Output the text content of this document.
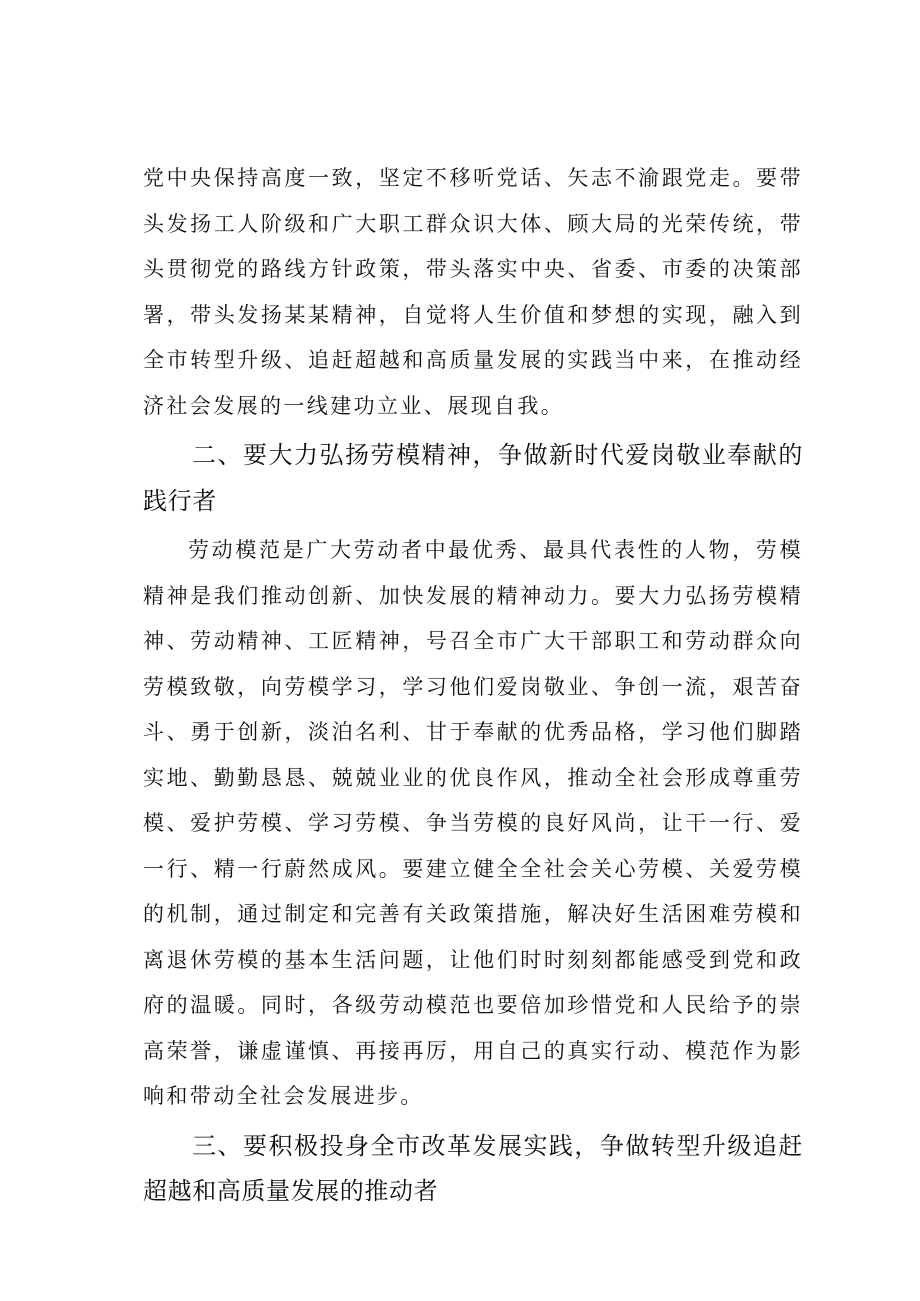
党中央保持高度一致，坚定不移听党话、矢志不渝跟党走。要带头发扬工人阶级和广大职工群众识大体、顾大局的光荣传统，带头贯彻党的路线方针政策，带头落实中央、省委、市委的决策部署，带头发扬某某精神，自觉将人生价值和梦想的实现，融入到全市转型升级、追赶超越和高质量发展的实践当中来，在推动经济社会发展的一线建功立业、展现自我。

二、要大力弘扬劳模精神，争做新时代爱岗敬业奉献的践行者

劳动模范是广大劳动者中最优秀、最具代表性的人物，劳模精神是我们推动创新、加快发展的精神动力。要大力弘扬劳模精神、劳动精神、工匠精神，号召全市广大干部职工和劳动群众向劳模致敬，向劳模学习，学习他们爱岗敬业、争创一流，艰苦奋斗、勇于创新，淡泊名利、甘于奉献的优秀品格，学习他们脚踏实地、勤勤恳恳、兢兢业业的优良作风，推动全社会形成尊重劳模、爱护劳模、学习劳模、争当劳模的良好风尚，让干一行、爱一行、精一行蔚然成风。要建立健全全社会关心劳模、关爱劳模的机制，通过制定和完善有关政策措施，解决好生活困难劳模和离退休劳模的基本生活问题，让他们时时刻刻都能感受到党和政府的温暖。同时，各级劳动模范也要倍加珍惜党和人民给予的崇高荣誉，谦虚谨慎、再接再厉，用自己的真实行动、模范作为影响和带动全社会发展进步。

三、要积极投身全市改革发展实践，争做转型升级追赶超越和高质量发展的推动者
